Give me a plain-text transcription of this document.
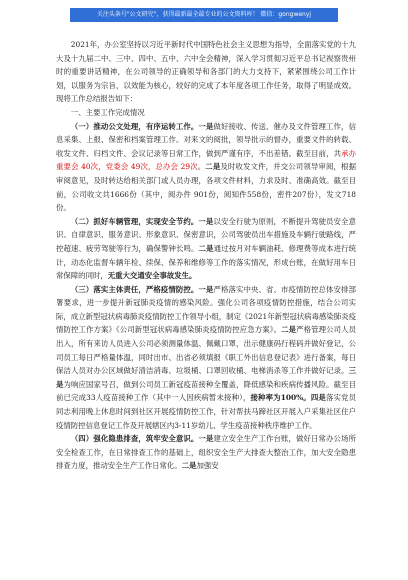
关注头条号"公文研究"，获得最新最全最专业的公文资料库！ 微信：gongwenyj

2021年，办公室坚持以习近平新时代中国特色社会主义思想为指导，全面落实党的十九大及十九届二中、三中、四中、五中、六中全会精神，深入学习贯彻习近平总书记视察贵州时的重要讲话精神，在公司领导的正确领导和各部门的大力支持下，紧紧围绕公司工作计划，以服务为宗旨，以效能为核心，较好的完成了本年度各项工作任务，取得了明显成效。现将工作总结报告如下：

一、主要工作完成情况

（一）推动公文处理，有序运转工作。一是做好接收、传送、催办及文件管理工作，信息采集、上报、保密和档案管理工作。对来文的阅批，领导批示的督办，重要文件的转载、收发文件、归档文件、会议记录等日常工作，做到严谨有序，不出差错。截至目前，共承办重要会 40次，党委会 49次，总办会 29次。二是及时收发文件，并交公司领导审阅，根据审阅意见，及时转达给相关部门或人员办理，各项文件材料，力求及时、准确高效。截至目前，公司收文共1666份（其中，阅办件 901份，阅知件558份，密件207份），发文718份。

（二）抓好车辆管理，实现安全节约。一是以安全行驶为原则，不断提升驾驶员安全意识、自律意识、服务意识、形象意识、保密意识，公司驾驶员出车措施及车辆行驶路线，严控超速、疲劳驾驶等行为，确保警钟长鸣。二是通过按月对车辆油耗、修理费等成本进行统计，动态化监督车辆年检、续保、保养和维修等工作的落实情况，形成台账，在做好用车日常保障的同时，无重大交通安全事故发生。

（三）落实主体责任，严格疫情防控。一是严格落实中央、省、市疫情防控总体安排部署要求，进一步提升新冠肺炎疫情的感染风险。强化公司各项疫情防控措施，结合公司实际，成立新型冠状病毒肺炎疫情防控工作领导小组，制定《2021年新型冠状病毒感染肺炎疫情防控工作方案》《公司新型冠状病毒感染肺炎疫情防控应急方案》。二是严格管理公司人员出入，所有来访人员进入公司必须测量体温、佩戴口罩，出示健康码行程码并做好登记，公司员工每日严格量体温，同时出市、出省必须填报《职工外出信息登记表》进行备案，每日保洁人员对办公区域做好清洁消毒、垃圾桶、口罩回收桶、电梯消杀等工作并做好记录。三是为响应国家号召，做到公司员工新冠疫苗接种全覆盖，降低感染和疾病传播风险。截至目前已完成33人疫苗接种工作（其中一人因疾病暂未接种），接种率为100%。四是落实党员同志利用晚上休息时间到社区开展疫情防控工作，针对帮扶马蹄社区开展入户采集社区住户疫情防控信息登记工作及开展辖区内3-11岁幼儿、学生疫苗接种秩序维护工作。

（四）强化隐患排查，筑牢安全意识。一是建立安全生产工作台账，做好日常办公场所安全检查工作，在日常排查工作的基础上，组织安全生产大排查大整治工作，加大安全隐患排查力度，推动安全生产工作日常化。二是加强安
